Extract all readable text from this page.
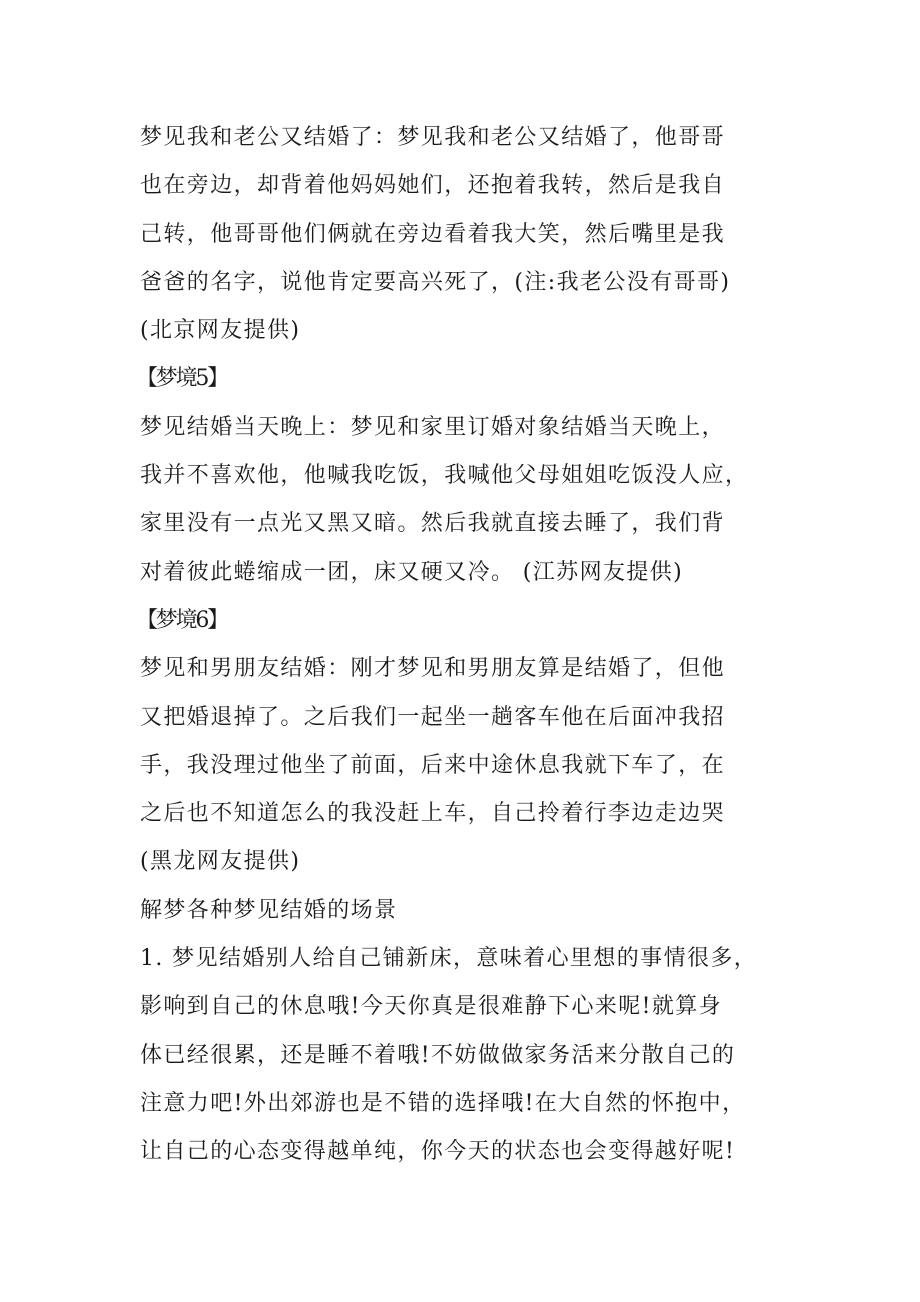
梦见我和老公又结婚了：梦见我和老公又结婚了，他哥哥
也在旁边，却背着他妈妈她们，还抱着我转，然后是我自
己转，他哥哥他们俩就在旁边看着我大笑，然后嘴里是我
爸爸的名字，说他肯定要高兴死了，(注:我老公没有哥哥)
(北京网友提供)
【梦境5】
梦见结婚当天晚上：梦见和家里订婚对象结婚当天晚上，
我并不喜欢他，他喊我吃饭，我喊他父母姐姐吃饭没人应，
家里没有一点光又黑又暗。然后我就直接去睡了，我们背
对着彼此蜷缩成一团，床又硬又冷。 (江苏网友提供)
【梦境6】
梦见和男朋友结婚：刚才梦见和男朋友算是结婚了，但他
又把婚退掉了。之后我们一起坐一趟客车他在后面冲我招
手，我没理过他坐了前面，后来中途休息我就下车了，在
之后也不知道怎么的我没赶上车，自己拎着行李边走边哭
(黑龙网友提供)
解梦各种梦见结婚的场景
1. 梦见结婚别人给自己铺新床，意味着心里想的事情很多，
影响到自己的休息哦!今天你真是很难静下心来呢!就算身
体已经很累，还是睡不着哦!不妨做做家务活来分散自己的
注意力吧!外出郊游也是不错的选择哦!在大自然的怀抱中，
让自己的心态变得越单纯，你今天的状态也会变得越好呢!
